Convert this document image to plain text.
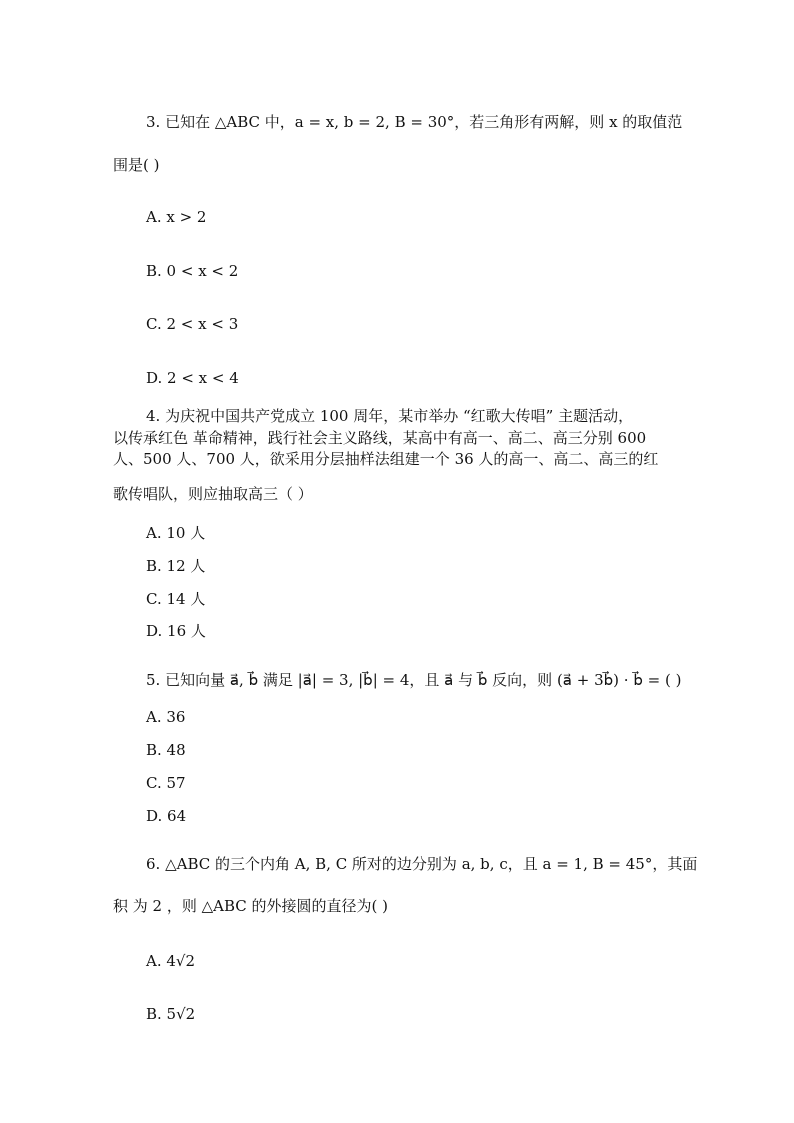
3. 已知在 △ABC 中，a = x, b = 2, B = 30°，若三角形有两解，则 x 的取值范
围是( )
A. x > 2
B. 0 < x < 2
C. 2 < x < 3
D. 2 < x < 4
4. 为庆祝中国共产党成立 100 周年，某市举办 “红歌大传唱” 主题活动，
以传承红色 革命精神，践行社会主义路线，某高中有高一、高二、高三分别 600
人、500 人、700 人，欲采用分层抽样法组建一个 36 人的高一、高二、高三的红
歌传唱队，则应抽取高三（ ）
A. 10 人
B. 12 人
C. 14 人
D. 16 人
5. 已知向量 a⃗, b⃗ 满足 |a⃗| = 3, |b⃗| = 4，且 a⃗ 与 b⃗ 反向，则 (a⃗ + 3b⃗) · b⃗ = ( )
A. 36
B. 48
C. 57
D. 64
6. △ABC 的三个内角 A, B, C 所对的边分别为 a, b, c，且 a = 1, B = 45°，其面
积 为 2 ，则 △ABC 的外接圆的直径为( )
A. 4√2
B. 5√2
